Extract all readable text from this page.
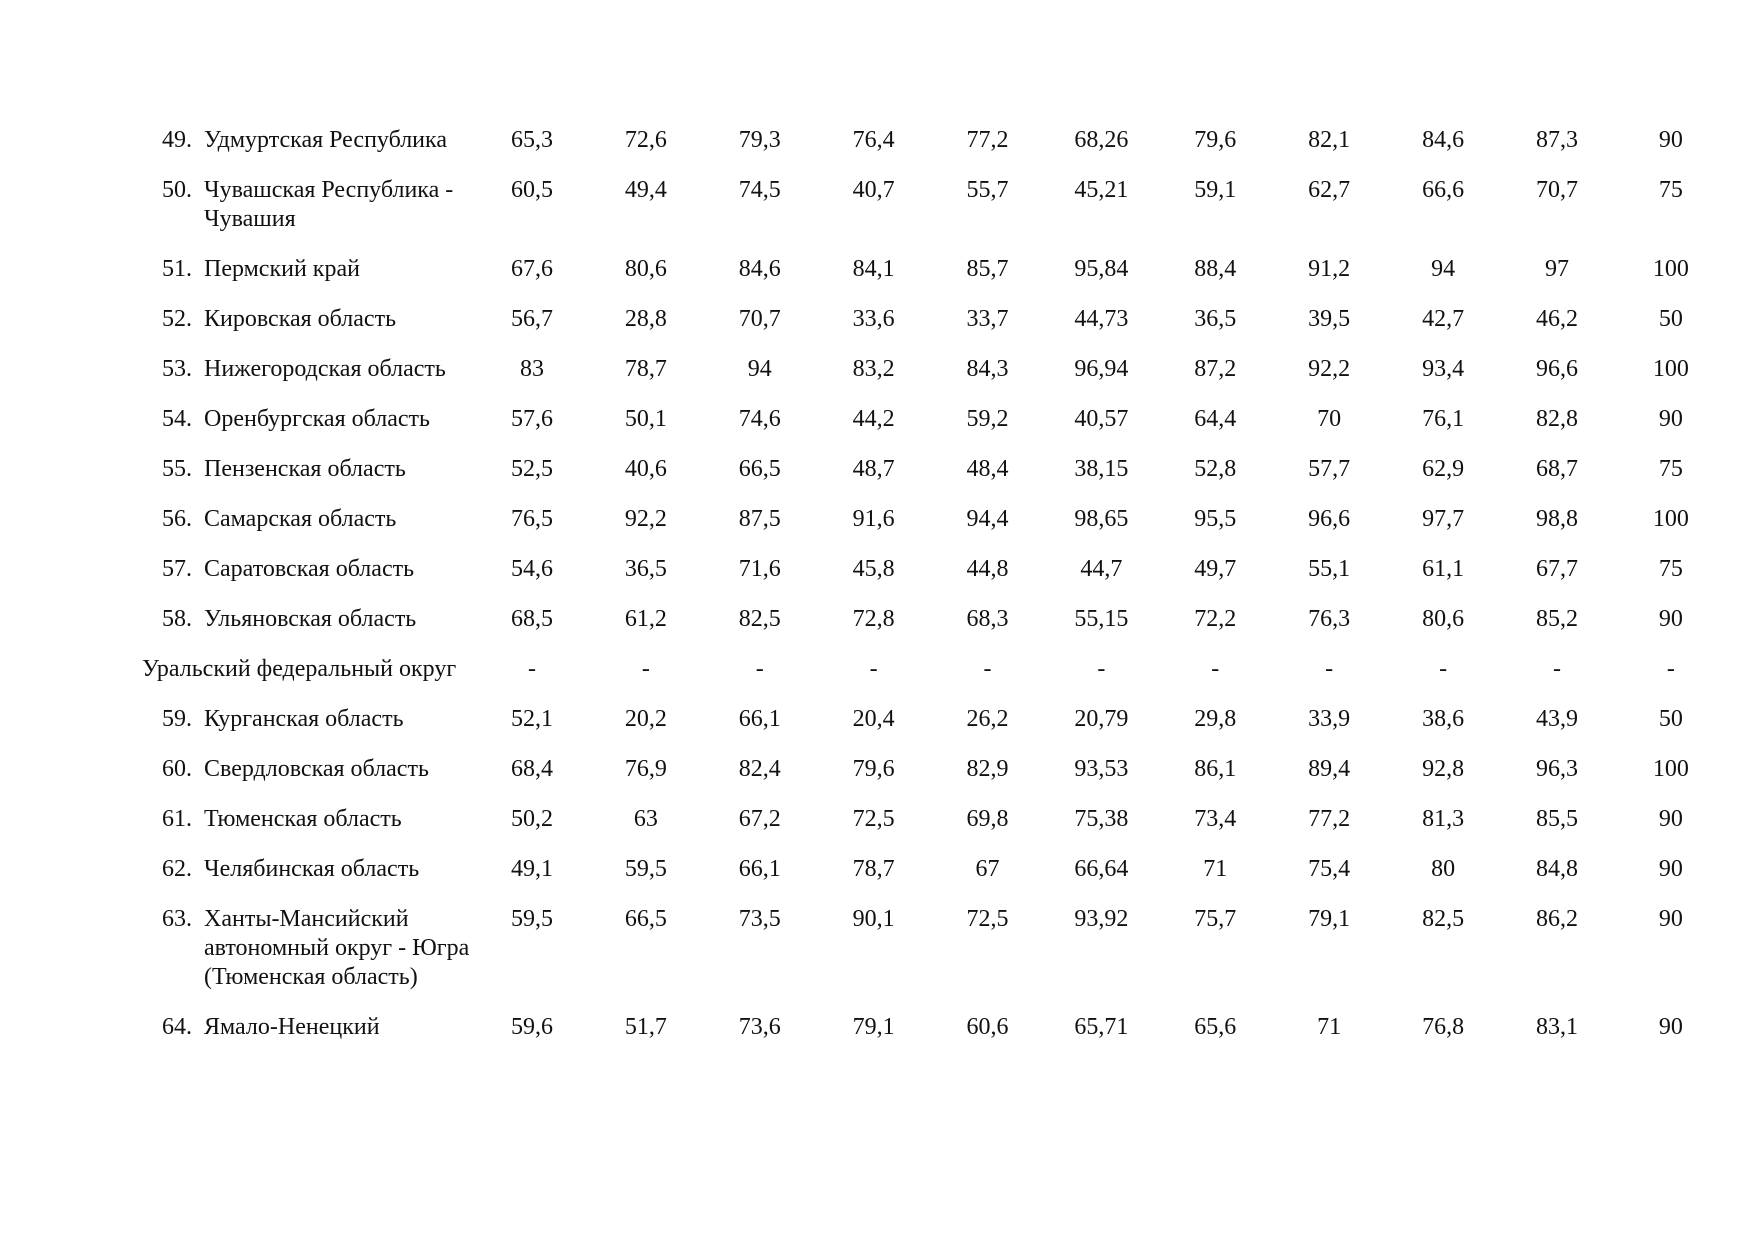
49.	Удмуртская Республика	65,3	72,6	79,3	76,4	77,2	68,26	79,6	82,1	84,6	87,3	90
50.	Чувашская Республика - Чувашия	60,5	49,4	74,5	40,7	55,7	45,21	59,1	62,7	66,6	70,7	75
51.	Пермский край	67,6	80,6	84,6	84,1	85,7	95,84	88,4	91,2	94	97	100
52.	Кировская область	56,7	28,8	70,7	33,6	33,7	44,73	36,5	39,5	42,7	46,2	50
53.	Нижегородская область	83	78,7	94	83,2	84,3	96,94	87,2	92,2	93,4	96,6	100
54.	Оренбургская область	57,6	50,1	74,6	44,2	59,2	40,57	64,4	70	76,1	82,8	90
55.	Пензенская область	52,5	40,6	66,5	48,7	48,4	38,15	52,8	57,7	62,9	68,7	75
56.	Самарская область	76,5	92,2	87,5	91,6	94,4	98,65	95,5	96,6	97,7	98,8	100
57.	Саратовская область	54,6	36,5	71,6	45,8	44,8	44,7	49,7	55,1	61,1	67,7	75
58.	Ульяновская область	68,5	61,2	82,5	72,8	68,3	55,15	72,2	76,3	80,6	85,2	90
Уральский федеральный округ	-	-	-	-	-	-	-	-	-	-	-
59.	Курганская область	52,1	20,2	66,1	20,4	26,2	20,79	29,8	33,9	38,6	43,9	50
60.	Свердловская область	68,4	76,9	82,4	79,6	82,9	93,53	86,1	89,4	92,8	96,3	100
61.	Тюменская область	50,2	63	67,2	72,5	69,8	75,38	73,4	77,2	81,3	85,5	90
62.	Челябинская область	49,1	59,5	66,1	78,7	67	66,64	71	75,4	80	84,8	90
63.	Ханты-Мансийский автономный округ - Югра (Тюменская область)	59,5	66,5	73,5	90,1	72,5	93,92	75,7	79,1	82,5	86,2	90
64.	Ямало-Ненецкий	59,6	51,7	73,6	79,1	60,6	65,71	65,6	71	76,8	83,1	90
